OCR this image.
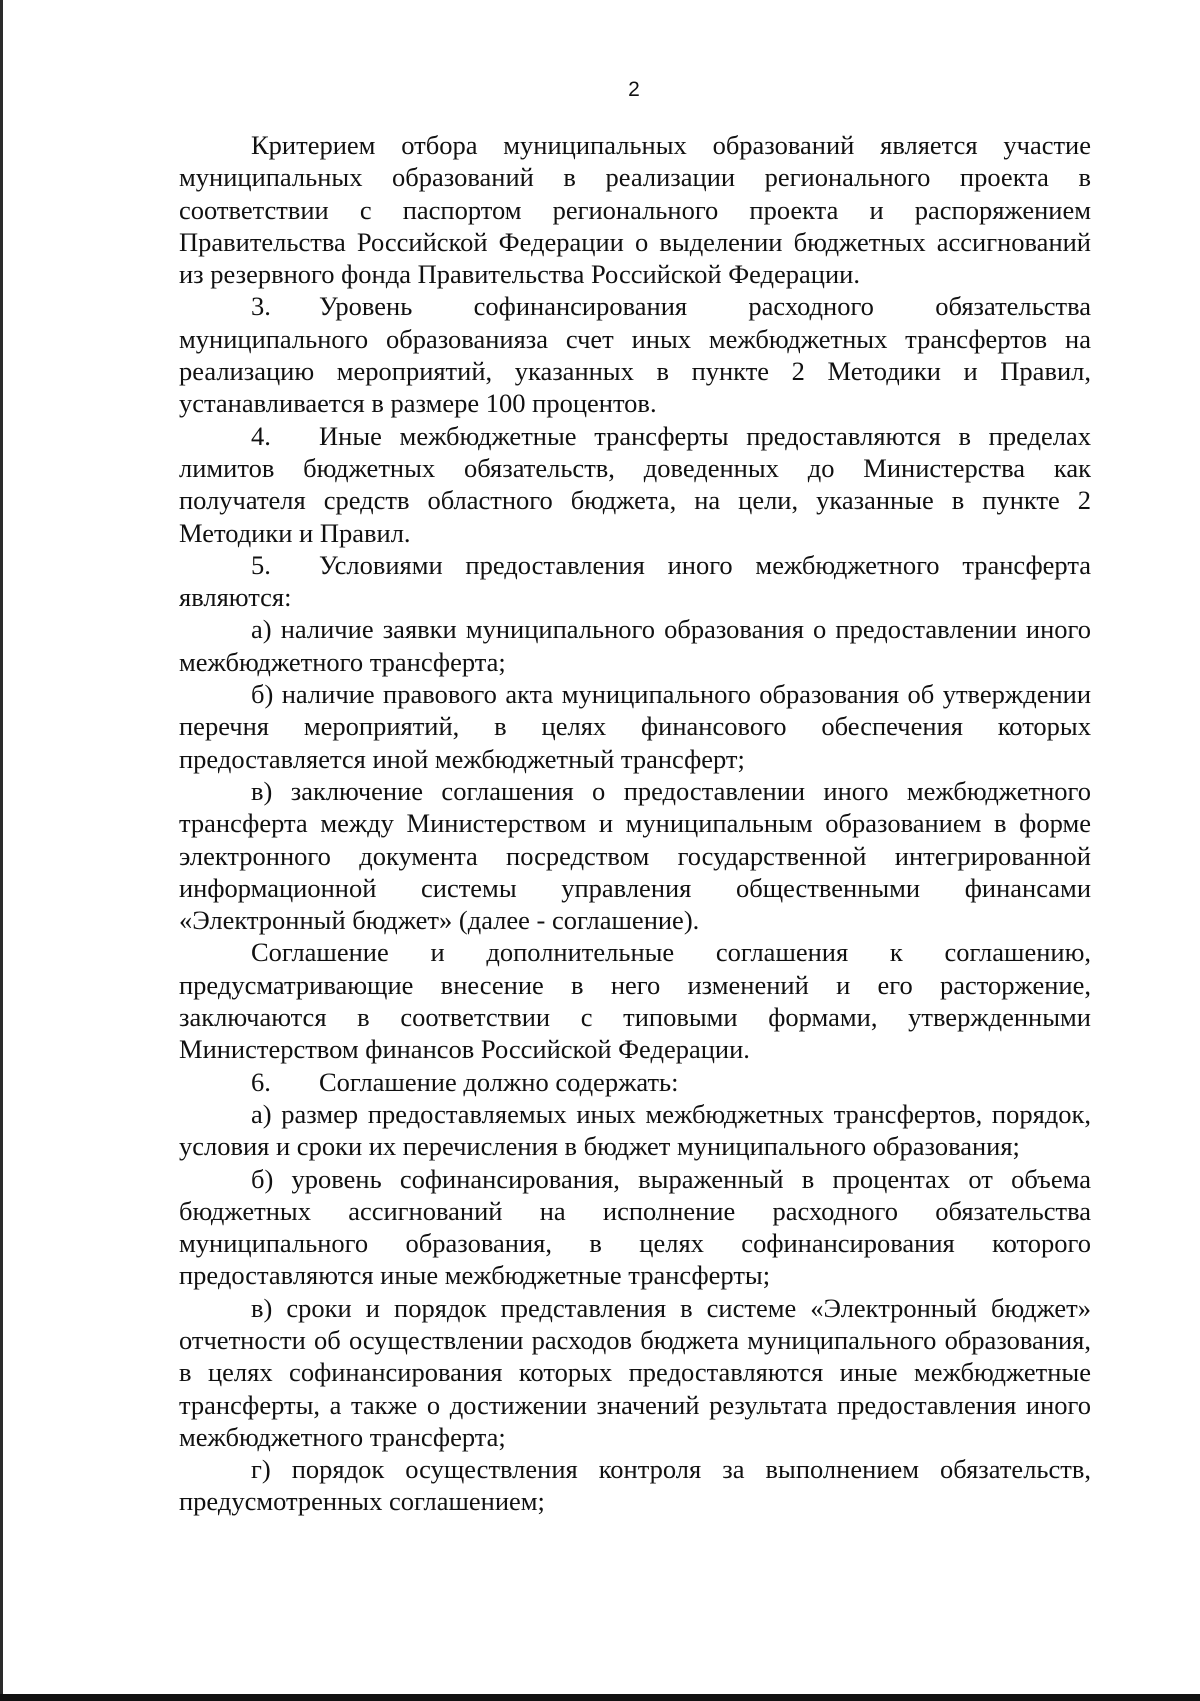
2

Критерием отбора муниципальных образований является участие муниципальных образований в реализации регионального проекта в соответствии с паспортом регионального проекта и распоряжением Правительства Российской Федерации о выделении бюджетных ассигнований из резервного фонда Правительства Российской Федерации.

3. Уровень софинансирования расходного обязательства муниципального образованияза счет иных межбюджетных трансфертов на реализацию мероприятий, указанных в пункте 2 Методики и Правил, устанавливается в размере 100 процентов.

4. Иные межбюджетные трансферты предоставляются в пределах лимитов бюджетных обязательств, доведенных до Министерства как получателя средств областного бюджета, на цели, указанные в пункте 2 Методики и Правил.

5. Условиями предоставления иного межбюджетного трансферта являются:

а) наличие заявки муниципального образования о предоставлении иного межбюджетного трансферта;

б) наличие правового акта муниципального образования об утверждении перечня мероприятий, в целях финансового обеспечения которых предоставляется иной межбюджетный трансферт;

в) заключение соглашения о предоставлении иного межбюджетного трансферта между Министерством и муниципальным образованием в форме электронного документа посредством государственной интегрированной информационной системы управления общественными финансами «Электронный бюджет» (далее - соглашение).

Соглашение и дополнительные соглашения к соглашению, предусматривающие внесение в него изменений и его расторжение, заключаются в соответствии с типовыми формами, утвержденными Министерством финансов Российской Федерации.

6. Соглашение должно содержать:

а) размер предоставляемых иных межбюджетных трансфертов, порядок, условия и сроки их перечисления в бюджет муниципального образования;

б) уровень софинансирования, выраженный в процентах от объема бюджетных ассигнований на исполнение расходного обязательства муниципального образования, в целях софинансирования которого предоставляются иные межбюджетные трансферты;

в) сроки и порядок представления в системе «Электронный бюджет» отчетности об осуществлении расходов бюджета муниципального образования, в целях софинансирования которых предоставляются иные межбюджетные трансферты, а также о достижении значений результата предоставления иного межбюджетного трансферта;

г) порядок осуществления контроля за выполнением обязательств, предусмотренных соглашением;
